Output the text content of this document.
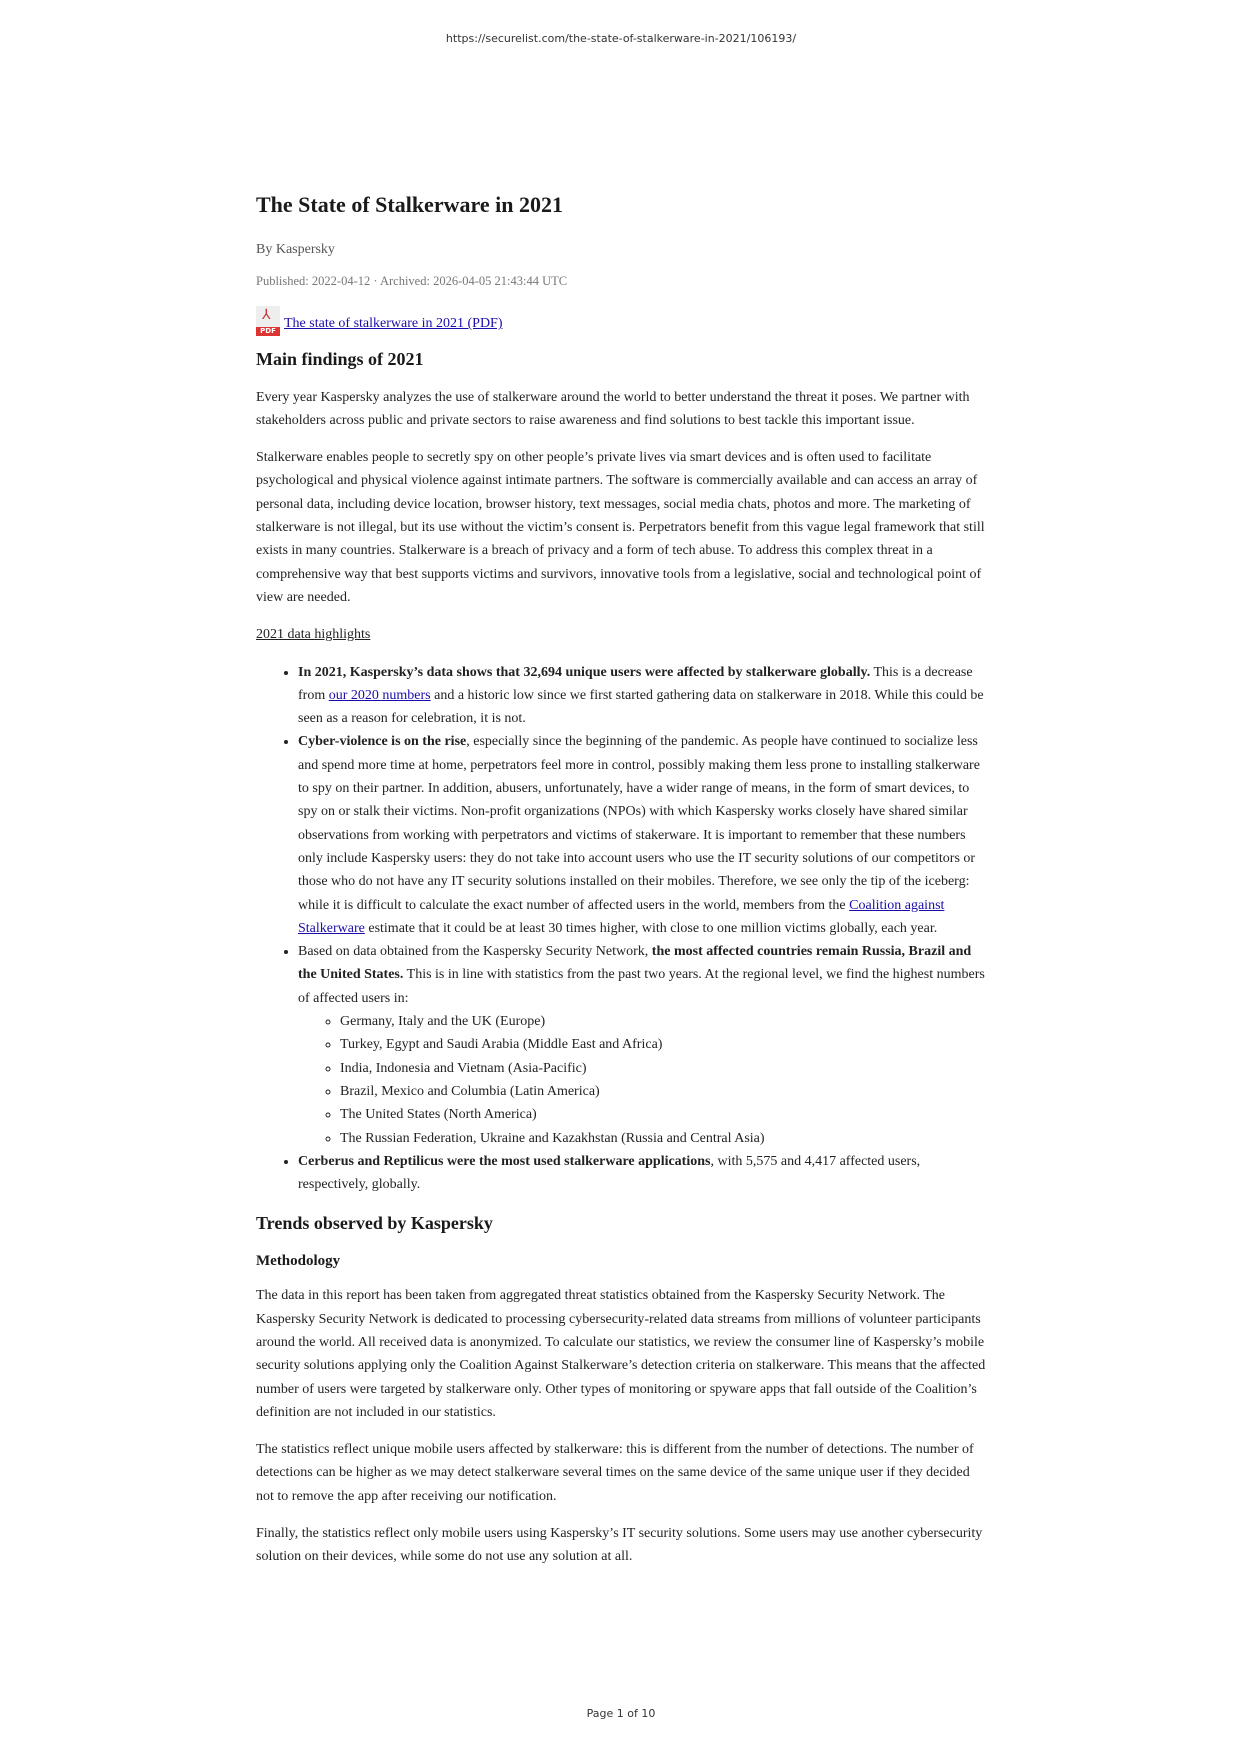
https://securelist.com/the-state-of-stalkerware-in-2021/106193/
The State of Stalkerware in 2021
By Kaspersky
Published: 2022-04-12 · Archived: 2026-04-05 21:43:44 UTC
⅄
PDF The state of stalkerware in 2021 (PDF)
Main findings of 2021

Every year Kaspersky analyzes the use of stalkerware around the world to better understand the threat it poses. We partner with stakeholders across public and private sectors to raise awareness and find solutions to best tackle this important issue.

Stalkerware enables people to secretly spy on other people’s private lives via smart devices and is often used to facilitate psychological and physical violence against intimate partners. The software is commercially available and can access an array of personal data, including device location, browser history, text messages, social media chats, photos and more. The marketing of stalkerware is not illegal, but its use without the victim’s consent is. Perpetrators benefit from this vague legal framework that still exists in many countries. Stalkerware is a breach of privacy and a form of tech abuse. To address this complex threat in a comprehensive way that best supports victims and survivors, innovative tools from a legislative, social and technological point of view are needed.

2021 data highlights

• In 2021, Kaspersky’s data shows that 32,694 unique users were affected by stalkerware globally. This is a decrease from our 2020 numbers and a historic low since we first started gathering data on stalkerware in 2018. While this could be seen as a reason for celebration, it is not.
• Cyber-violence is on the rise, especially since the beginning of the pandemic. As people have continued to socialize less and spend more time at home, perpetrators feel more in control, possibly making them less prone to installing stalkerware to spy on their partner. In addition, abusers, unfortunately, have a wider range of means, in the form of smart devices, to spy on or stalk their victims. Non-profit organizations (NPOs) with which Kaspersky works closely have shared similar observations from working with perpetrators and victims of stakerware. It is important to remember that these numbers only include Kaspersky users: they do not take into account users who use the IT security solutions of our competitors or those who do not have any IT security solutions installed on their mobiles. Therefore, we see only the tip of the iceberg: while it is difficult to calculate the exact number of affected users in the world, members from the Coalition against Stalkerware estimate that it could be at least 30 times higher, with close to one million victims globally, each year.
• Based on data obtained from the Kaspersky Security Network, the most affected countries remain Russia, Brazil and the United States. This is in line with statistics from the past two years. At the regional level, we find the highest numbers of affected users in:
◦ Germany, Italy and the UK (Europe)
◦ Turkey, Egypt and Saudi Arabia (Middle East and Africa)
◦ India, Indonesia and Vietnam (Asia-Pacific)
◦ Brazil, Mexico and Columbia (Latin America)
◦ The United States (North America)
◦ The Russian Federation, Ukraine and Kazakhstan (Russia and Central Asia)
• Cerberus and Reptilicus were the most used stalkerware applications, with 5,575 and 4,417 affected users, respectively, globally.
Trends observed by Kaspersky
Methodology

The data in this report has been taken from aggregated threat statistics obtained from the Kaspersky Security Network. The Kaspersky Security Network is dedicated to processing cybersecurity-related data streams from millions of volunteer participants around the world. All received data is anonymized. To calculate our statistics, we review the consumer line of Kaspersky’s mobile security solutions applying only the Coalition Against Stalkerware’s detection criteria on stalkerware. This means that the affected number of users were targeted by stalkerware only. Other types of monitoring or spyware apps that fall outside of the Coalition’s definition are not included in our statistics.

The statistics reflect unique mobile users affected by stalkerware: this is different from the number of detections. The number of detections can be higher as we may detect stalkerware several times on the same device of the same unique user if they decided not to remove the app after receiving our notification.

Finally, the statistics reflect only mobile users using Kaspersky’s IT security solutions. Some users may use another cybersecurity solution on their devices, while some do not use any solution at all.

Page 1 of 10
